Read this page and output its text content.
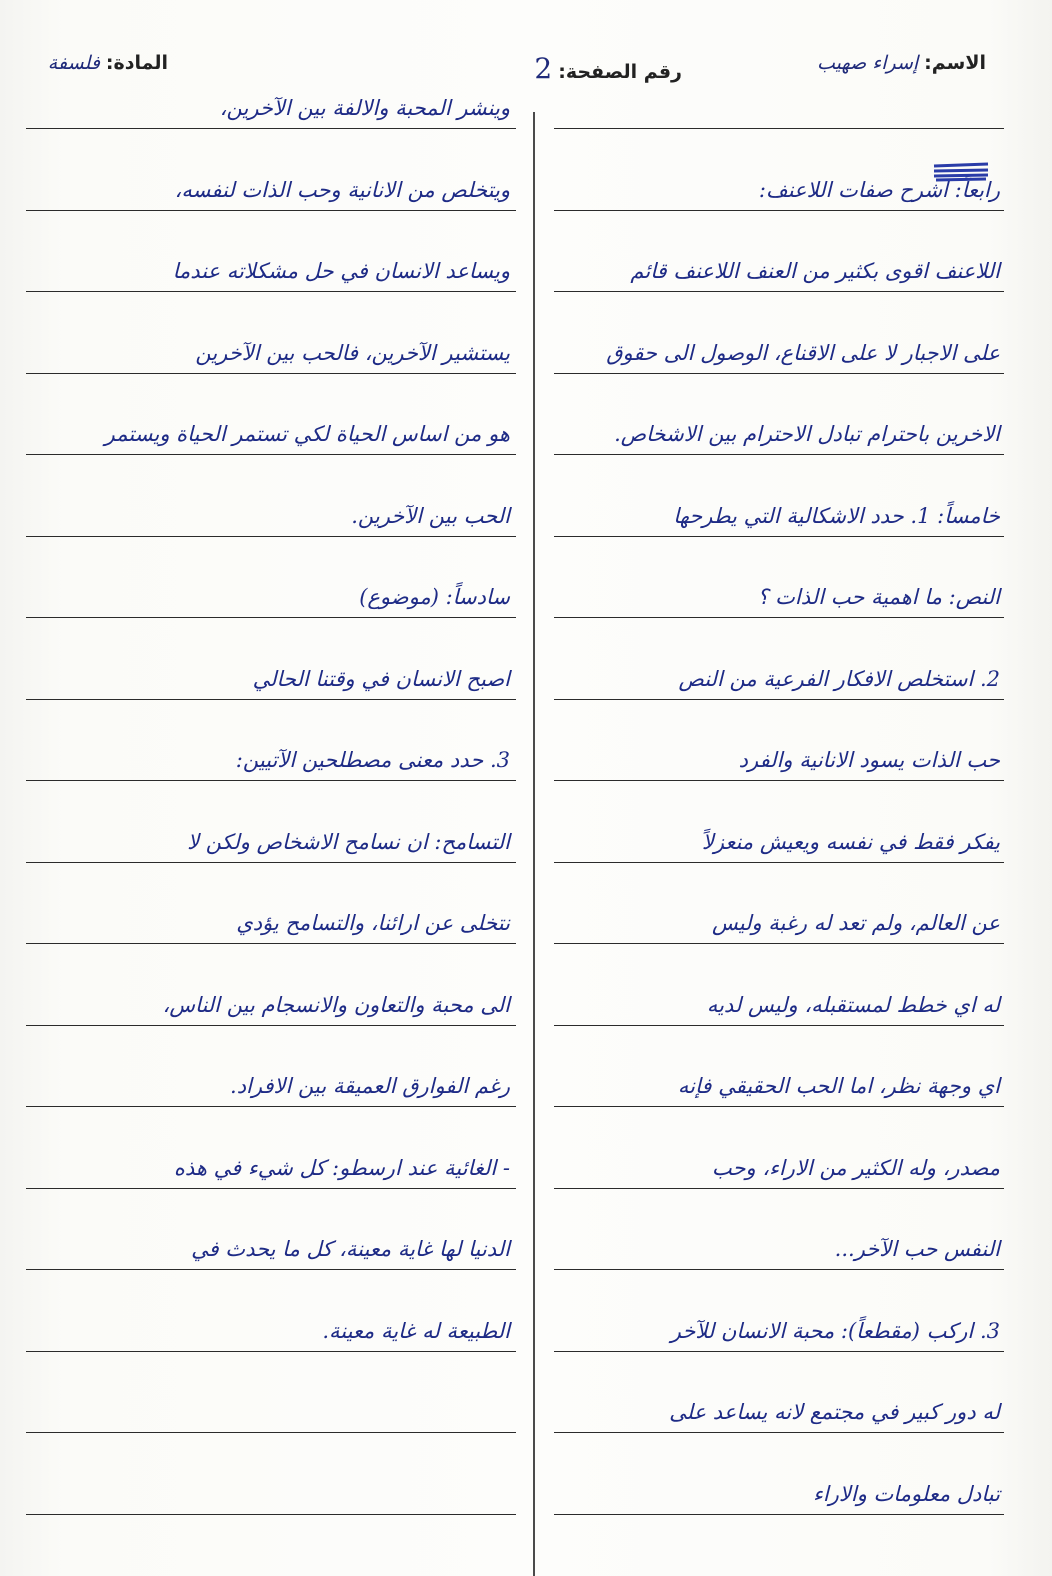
الاسم:إسراء صهيب
رقم الصفحة:2
المادة:فلسفة
رابعاً: اشرح صفات اللاعنف:
اللاعنف اقوى بكثير من العنف اللاعنف قائم
على الاجبار لا على الاقناع، الوصول الى حقوق
الاخرين باحترام تبادل الاحترام بين الاشخاص.
خامساً: 1. حدد الاشكالية التي يطرحها
النص: ما اهمية حب الذات ؟
2. استخلص الافكار الفرعية من النص
حب الذات يسود الانانية والفرد
يفكر فقط في نفسه ويعيش منعزلاً
عن العالم، ولم تعد له رغبة وليس
له اي خطط لمستقبله، وليس لديه
اي وجهة نظر، اما الحب الحقيقي فإنه
مصدر، وله الكثير من الاراء، وحب
النفس حب الآخر...
3. اركب (مقطعاً): محبة الانسان للآخر
له دور كبير في مجتمع لانه يساعد على
تبادل معلومات والاراء
وينشر المحبة والالفة بين الآخرين،
ويتخلص من الانانية وحب الذات لنفسه،
ويساعد الانسان في حل مشكلاته عندما
يستشير الآخرين، فالحب بين الآخرين
هو من اساس الحياة لكي تستمر الحياة ويستمر
الحب بين الآخرين.
سادساً: (موضوع)
اصبح الانسان في وقتنا الحالي
3. حدد معنى مصطلحين الآتيين:
التسامح: ان نسامح الاشخاص ولكن لا
نتخلى عن ارائنا، والتسامح يؤدي
الى محبة والتعاون والانسجام بين الناس،
رغم الفوارق العميقة بين الافراد.
- الغائية عند ارسطو: كل شيء في هذه
الدنيا لها غاية معينة، كل ما يحدث في
الطبيعة له غاية معينة.
